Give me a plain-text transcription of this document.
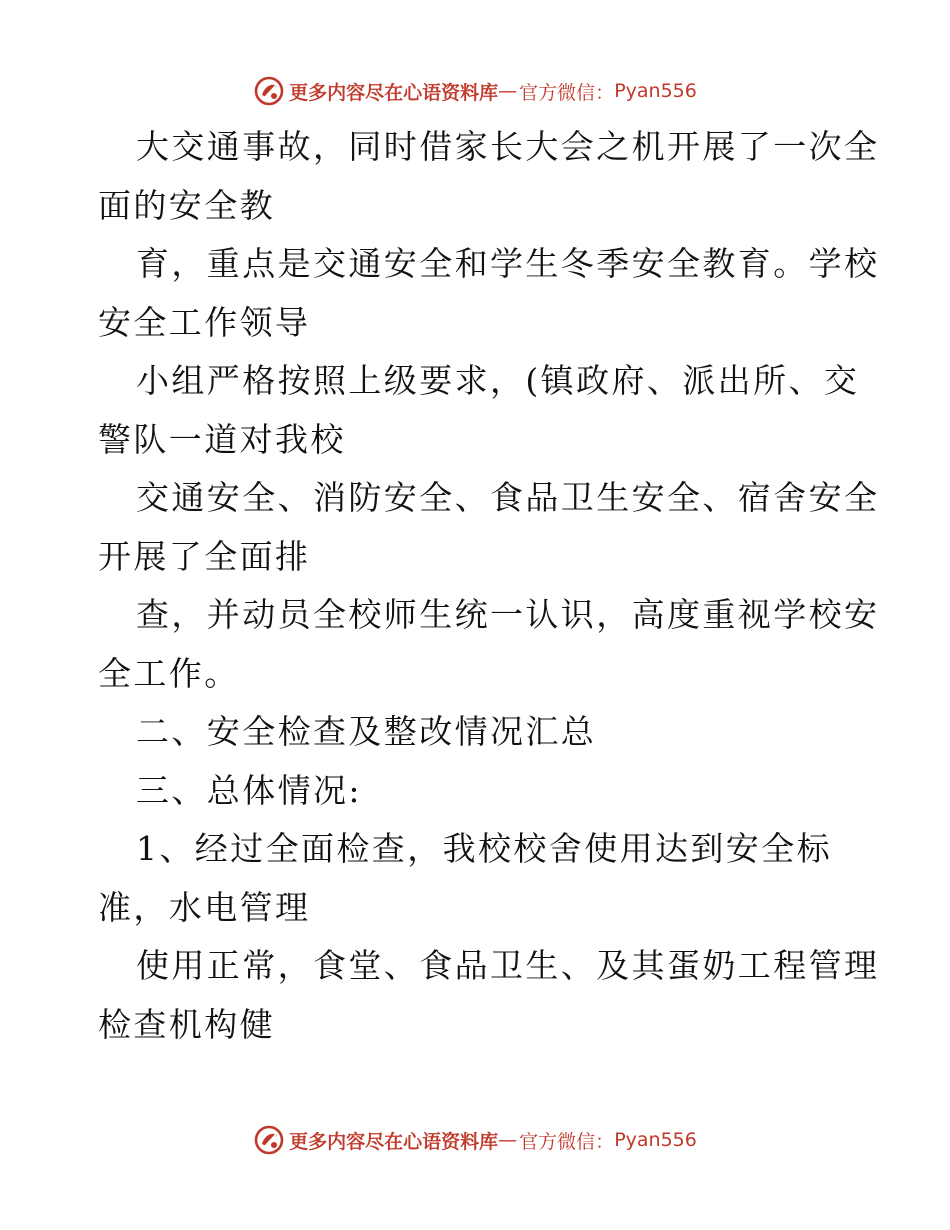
更多内容尽在心语资料库 — 官方微信： Pyan556
大交通事故，同时借家长大会之机开展了一次全
面的安全教
育，重点是交通安全和学生冬季安全教育。学校
安全工作领导
小组严格按照上级要求，(镇政府、派出所、交
警队一道对我校
交通安全、消防安全、食品卫生安全、宿舍安全
开展了全面排
查，并动员全校师生统一认识，高度重视学校安
全工作。
二、安全检查及整改情况汇总
三、总体情况:
1、经过全面检查，我校校舍使用达到安全标
准，水电管理
使用正常，食堂、食品卫生、及其蛋奶工程管理
检查机构健
更多内容尽在心语资料库 — 官方微信： Pyan556
